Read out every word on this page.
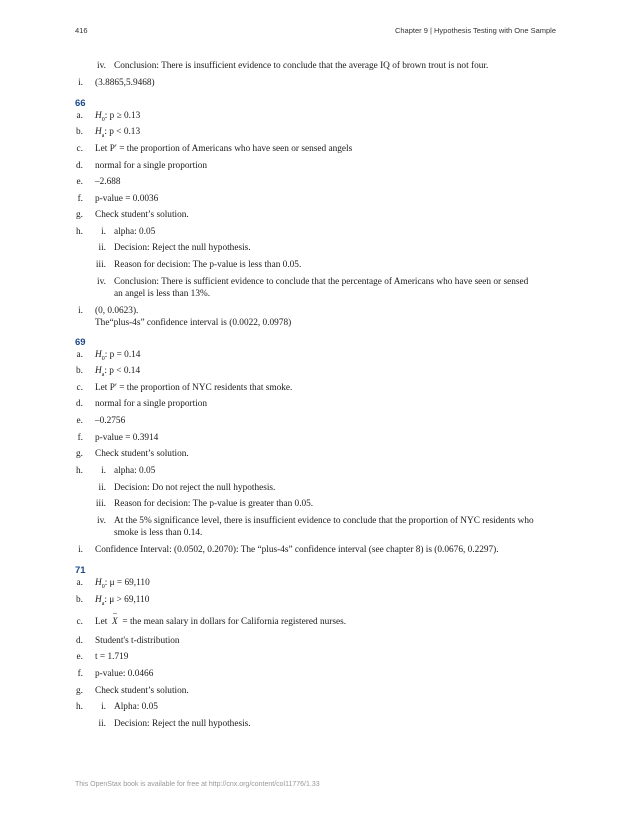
416	Chapter 9 | Hypothesis Testing with One Sample
iv. Conclusion: There is insufficient evidence to conclude that the average IQ of brown trout is not four.
i. (3.8865,5.9468)
66
a. $H_0$: p ≥ 0.13
b. $H_a$: p < 0.13
c. Let P′ = the proportion of Americans who have seen or sensed angels
d. normal for a single proportion
e. –2.688
f. p-value = 0.0036
g. Check student’s solution.
h.	i. alpha: 0.05
ii. Decision: Reject the null hypothesis.
iii. Reason for decision: The p-value is less than 0.05.
iv. Conclusion: There is sufficient evidence to conclude that the percentage of Americans who have seen or sensed
an angel is less than 13%.
i. (0, 0.0623).
The“plus-4s” confidence interval is (0.0022, 0.0978)
69
a. $H_0$: p = 0.14
b. $H_a$: p < 0.14
c. Let P′ = the proportion of NYC residents that smoke.
d. normal for a single proportion
e. –0.2756
f. p-value = 0.3914
g. Check student’s solution.
h.	i. alpha: 0.05
ii. Decision: Do not reject the null hypothesis.
iii. Reason for decision: The p-value is greater than 0.05.
iv. At the 5% significance level, there is insufficient evidence to conclude that the proportion of NYC residents who
smoke is less than 0.14.
i. Confidence Interval: (0.0502, 0.2070): The “plus-4s” confidence interval (see chapter 8) is (0.0676, 0.2297).
71
a. $H_0$: μ = 69,110
b. $H_a$: μ > 69,110
c. Let  – X = the mean salary in dollars for California registered nurses.
d. Student's t-distribution
e. t = 1.719
f. p-value: 0.0466
g. Check student’s solution.
h.	i. Alpha: 0.05
ii. Decision: Reject the null hypothesis.
This OpenStax book is available for free at http://cnx.org/content/col11776/1.33
